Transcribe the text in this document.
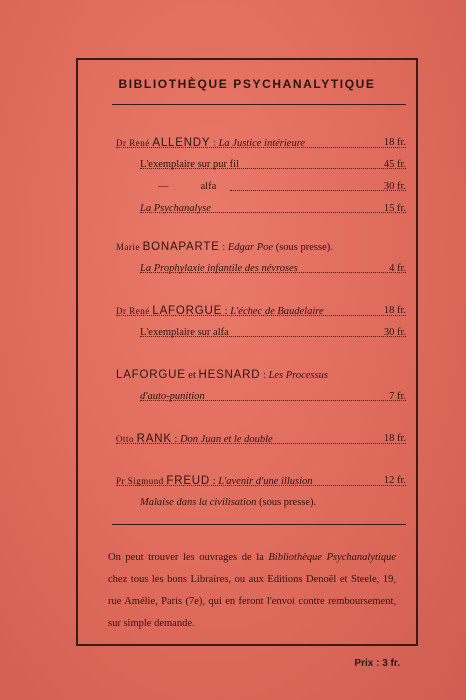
BIBLIOTHÈQUE PSYCHANALYTIQUE
Dr René ALLENDY : La Justice intérieure	18 fr.
L'exemplaire sur pur fil	45 fr.
—	alfa	30 fr.
La Psychanalyse	15 fr.
Marie BONAPARTE : Edgar Poe (sous presse).
La Prophylaxie infantile des névroses	4 fr.
Dr René LAFORGUE : L'échec de Baudelaire	18 fr.
L'exemplaire sur alfa	30 fr.
LAFORGUE et HESNARD : Les Processus
d'auto-punition	7 fr.
Otto RANK : Don Juan et le double	18 fr.
Pr Sigmund FREUD : L'avenir d'une illusion	12 fr.
Malaise dans la civilisation (sous presse).
On peut trouver les ouvrages de la Bibliothèque Psychanalytique chez tous les bons Libraires, ou aux Editions Denoël et Steele, 19, rue Amélie, Paris (7e), qui en feront l'envoi contre remboursement, sur simple demande.
Prix : 3 fr.
